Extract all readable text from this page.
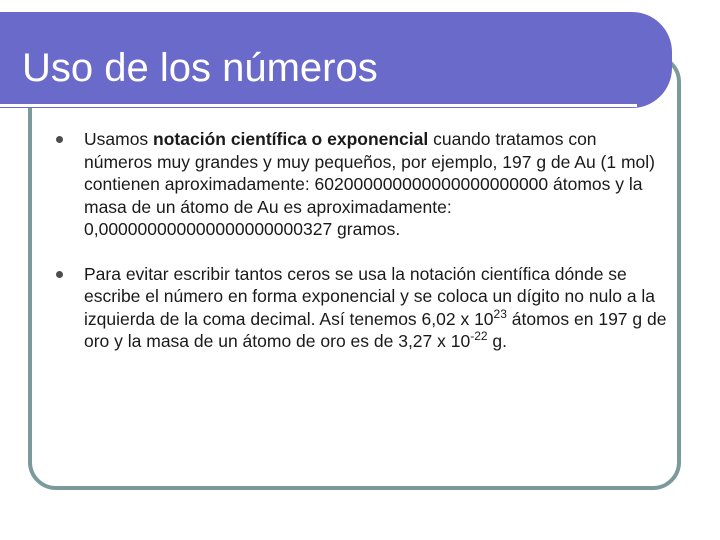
Uso de los números
Usamos notación científica o exponencial cuando tratamos con números muy grandes y muy pequeños, por ejemplo, 197 g de Au (1 mol) contienen aproximadamente: 602000000000000000000000 átomos y la masa de un átomo de Au es aproximadamente: 0,000000000000000000000327 gramos.
Para evitar escribir tantos ceros se usa la notación científica dónde se escribe el número en forma exponencial y se coloca un dígito no nulo a la izquierda de la coma decimal. Así tenemos 6,02 x $10^{23}$ átomos en 197 g de oro y la masa de un átomo de oro es de 3,27 x $10^{-22}$ g.
